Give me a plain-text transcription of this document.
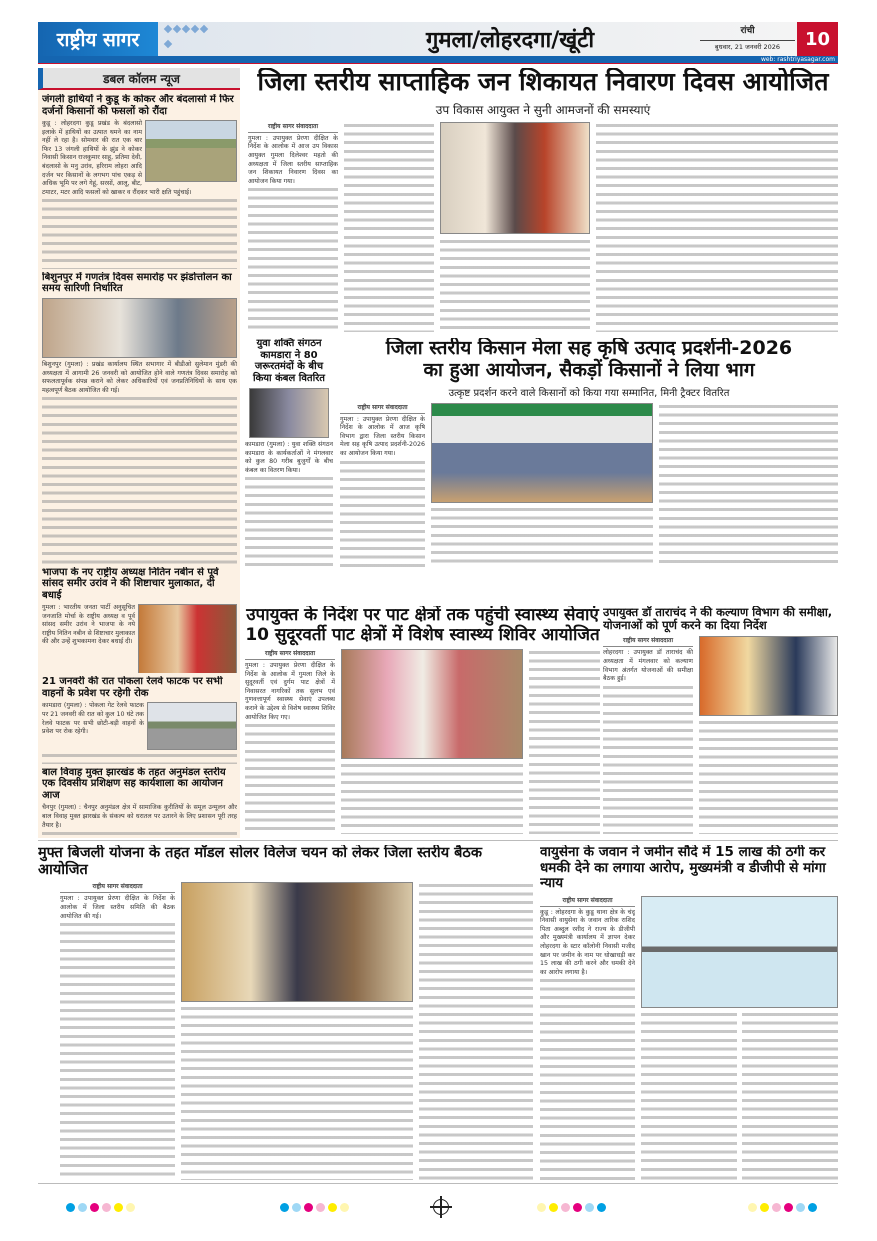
राष्ट्रीय सागर	गुमला/लोहरदगा/खूंटी	रांची
बुधवार, 21 जनवरी 2026	10
web: rashtriyasagar.com
डबल कॉलम न्यूज
जंगली हाथियों ने कुडू के कोकर और बंदलासो में फिर दर्जनों किसानों की फसलों को रौंदा
कुडू : लोहरदगा कुडू प्रखंड के बंदलासो इलाके में हाथियों का उत्पात थमने का नाम नहीं ले रहा है। सोमवार की रात एक बार फिर 13 जंगली हाथियों के झुंड ने कोकर निवासी किसान राजकुमार साहू, प्रतिमा देवी, बंदलासो के मनु उरांव, हरिराम लोहरा आदि दर्जन भर किसानों के लगभग पांच एकड़ से अधिक भूमि पर लगे गेहूं, सरसों, आलू, बीट, टमाटर, मटर आदि फसलों को खाकर व रौंदकर भारी क्षति पहुंचाई।
बिशुनपुर में गणतंत्र दिवस समारोह पर झंडोत्तोलन का समय सारिणी निर्धारित
बिशुनपुर (गुमला) : प्रखंड कार्यालय स्थित सभागार में बीडीओ सुलेमान मुंडरी की अध्यक्षता में आगामी 26 जनवरी को आयोजित होने वाले गणतंत्र दिवस समारोह को सफलतापूर्वक संपन्न कराने को लेकर अधिकारियों एवं जनप्रतिनिधियों के साथ एक महत्वपूर्ण बैठक आयोजित की गई।
भाजपा के नए राष्ट्रीय अध्यक्ष नितिन नबीन से पूर्व सांसद समीर उरांव ने की शिष्टाचार मुलाकात, दी बधाई
गुमला : भारतीय जनता पार्टी अनुसूचित जनजाति मोर्चा के राष्ट्रीय अध्यक्ष व पूर्व सांसद समीर उरांव ने भाजपा के नये राष्ट्रीय नितिन नबीन से शिष्टाचार मुलाकात की और उन्हें शुभकामना देकर बधाई दी।
21 जनवरी की रात पोकला रेलवे फाटक पर सभी वाहनों के प्रवेश पर रहेगी रोक
कामडारा (गुमला) : पोकला गेट रेलवे फाटक पर 21 जनवरी की रात को कुल 10 घंटे तक रेलवे फाटक पर सभी छोटी-बड़ी वाहनों के प्रवेश पर रोक रहेगी।
बाल विवाह मुक्त झारखंड के तहत अनुमंडल स्तरीय एक दिवसीय प्रशिक्षण सह कार्यशाला का आयोजन आज
चैनपुर (गुमला) : चैनपुर अनुमंडल क्षेत्र में सामाजिक कुरीतियों के समूल उन्मूलन और बाल विवाह मुक्त झारखंड के संकल्प को धरातल पर उतारने के लिए प्रशासन पूरी तरह तैयार है।
जिला स्तरीय साप्ताहिक जन शिकायत निवारण दिवस आयोजित
उप विकास आयुक्त ने सुनी आमजनों की समस्याएं
राष्ट्रीय सागर संवाददाता
गुमला : उपायुक्त प्रेरणा दीक्षित के निर्देश के आलोक में आज उप विकास आयुक्त गुमला दिलेश्वर महतो की अध्यक्षता में जिला स्तरीय साप्ताहिक जन शिकायत निवारण दिवस का आयोजन किया गया।
युवा शक्ति संगठन कामडारा ने 80 जरूरतमंदों के बीच किया कंबल वितरित
कामडारा (गुमला) : युवा शक्ति संगठन कामडारा के कार्यकर्ताओं ने मंगलवार को कुल 80 गरीब बुजुर्गों के बीच कंबल का वितरण किया।
जिला स्तरीय किसान मेला सह कृषि उत्पाद प्रदर्शनी-2026
का हुआ आयोजन, सैकड़ों किसानों ने लिया भाग
उत्कृष्ट प्रदर्शन करने वाले किसानों को किया गया सम्मानित, मिनी ट्रैक्टर वितरित
राष्ट्रीय सागर संवाददाता
गुमला : उपायुक्त प्रेरणा दीक्षित के निर्देश के आलोक में आज कृषि विभाग द्वारा जिला स्तरीय किसान मेला सह कृषि उत्पाद प्रदर्शनी-2026 का आयोजन किया गया।
उपायुक्त के निर्देश पर पाट क्षेत्रों तक पहुंची स्वास्थ्य सेवाएं
10 सुदूरवर्ती पाट क्षेत्रों में विशेष स्वास्थ्य शिविर आयोजित
राष्ट्रीय सागर संवाददाता
गुमला : उपायुक्त प्रेरणा दीक्षित के निर्देश के आलोक में गुमला जिले के सुदूरवर्ती एवं दुर्गम पाट क्षेत्रों में निवासरत नागरिकों तक सुलभ एवं गुणवत्तापूर्ण स्वास्थ्य सेवाएं उपलब्ध कराने के उद्देश्य से विशेष स्वास्थ्य शिविर आयोजित किए गए।
उपायुक्त डॉ ताराचंद ने की कल्याण विभाग की समीक्षा, योजनाओं को पूर्ण करने का दिया निर्देश
राष्ट्रीय सागर संवाददाता
लोहरदगा : उपायुक्त डॉ ताराचंद की अध्यक्षता में मंगलवार को कल्याण विभाग अंतर्गत योजनाओं की समीक्षा बैठक हुई।
मुफ्त बिजली योजना के तहत मॉडल सोलर विलेज चयन को लेकर जिला स्तरीय बैठक आयोजित
राष्ट्रीय सागर संवाददाता
गुमला : उपायुक्त प्रेरणा दीक्षित के निर्देश के आलोक में जिला स्तरीय समिति की बैठक आयोजित की गई।
वायुसेना के जवान ने जमीन सौदे में 15 लाख की ठगी कर धमकी देने का लगाया आरोप, मुख्यमंत्री व डीजीपी से मांगा न्याय
राष्ट्रीय सागर संवाददाता
कुडू : लोहरदगा के कुडू थाना क्षेत्र के चंदू निवासी वायुसेना के जवान तारिक राशिद पिता अब्दुल रशीद ने राज्य के डीजीपी और मुख्यमंत्री कार्यालय में ज्ञापन देकर लोहरदगा के स्टार कॉलोनी निवासी मजीद खान पर जमीन के नाम पर धोखाधड़ी कर 15 लाख की ठगी करने और धमकी देने का आरोप लगाया है।
